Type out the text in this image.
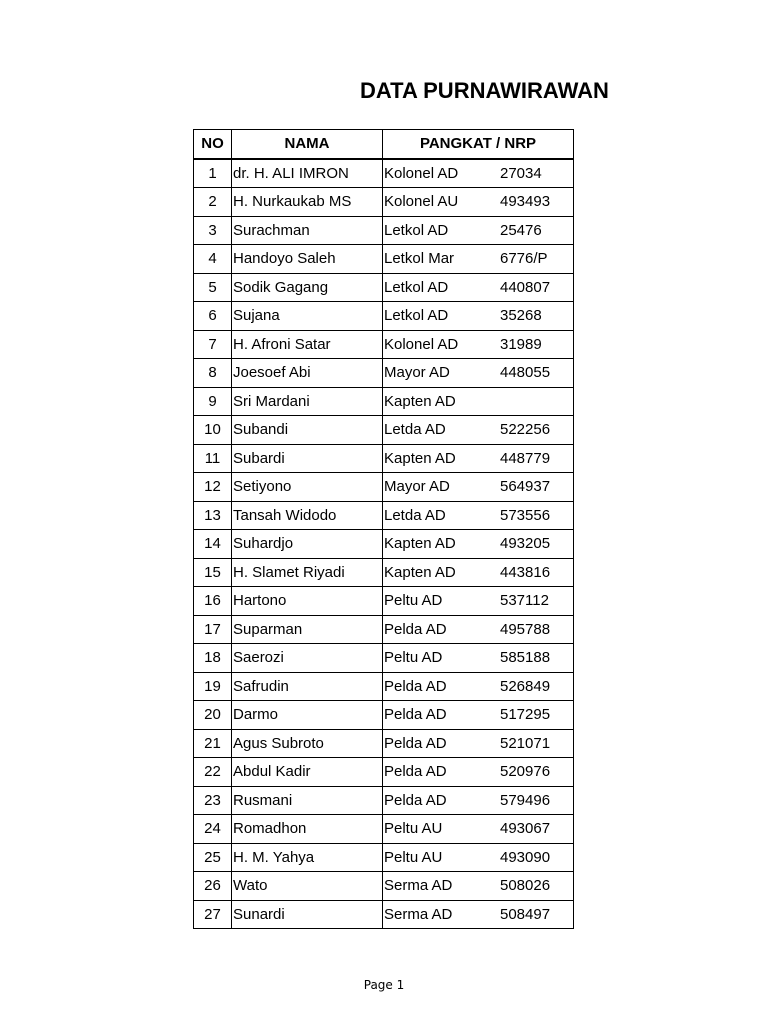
DATA PURNAWIRAWAN
NO	NAMA	PANGKAT / NRP
1	dr. H. ALI IMRON	Kolonel AD 27034
2	H. Nurkaukab MS	Kolonel AU 493493
3	Surachman	Letkol AD 25476
4	Handoyo Saleh	Letkol Mar 6776/P
5	Sodik Gagang	Letkol AD 440807
6	Sujana	Letkol AD 35268
7	H. Afroni Satar	Kolonel AD 31989
8	Joesoef Abi	Mayor AD 448055
9	Sri Mardani	Kapten AD
10	Subandi	Letda AD 522256
11	Subardi	Kapten AD 448779
12	Setiyono	Mayor AD 564937
13	Tansah Widodo	Letda AD 573556
14	Suhardjo	Kapten AD 493205
15	H. Slamet Riyadi	Kapten AD 443816
16	Hartono	Peltu AD 537112
17	Suparman	Pelda AD 495788
18	Saerozi	Peltu AD 585188
19	Safrudin	Pelda AD 526849
20	Darmo	Pelda AD 517295
21	Agus Subroto	Pelda AD 521071
22	Abdul Kadir	Pelda AD 520976
23	Rusmani	Pelda AD 579496
24	Romadhon	Peltu AU 493067
25	H. M. Yahya	Peltu AU 493090
26	Wato	Serma AD 508026
27	Sunardi	Serma AD 508497
Page 1
